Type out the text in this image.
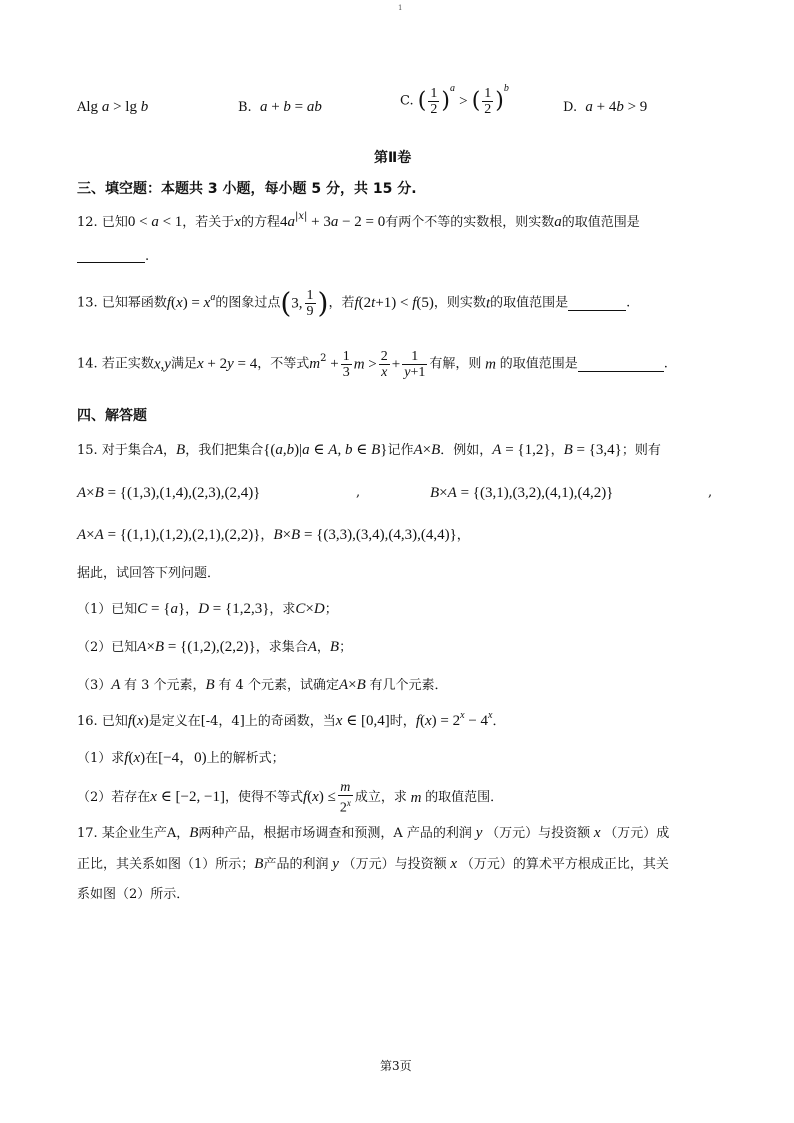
1
Alg a > lg b	B. a + b = ab	C. ( $\frac{1}{2} )^a$ > ( $\frac{1}{2} )^b$
D. a + 4b > 9
第Ⅱ卷
三、填空题：本题共 3 小题，每小题 5 分，共 15 分.
12. 已知0 < a < 1，若关于x的方程$4a^{|x|} + 3a - 2 = 0$有两个不等的实数根，则实数a的取值范围是
.
13. 已知幂函数$f(x) = x^a$的图象过点(3, $\frac{1}{9}$ )，若f(2t+1) < f(5)，则实数t的取值范围是	.
14. 若正实数x,y满足x + 2y = 4，不等式$m^2 + \frac{1}{3}$ $m > \frac{2}{x} + \frac{1}{y+1}$ 有解，则 m 的取值范围是	.
四、解答题
15. 对于集合A，B，我们把集合{(a,b)|a ∈ A, b ∈ B}记作A×B．例如，A = {1,2}，B = {3,4}；则有
A×B = {(1,3),(1,4),(2,3),(2,4)}	,	B×A = {(3,1),(3,2),(4,1),(4,2)}	,
A×A = {(1,1),(1,2),(2,1),(2,2)}，B×B = {(3,3),(3,4),(4,3),(4,4)}，
据此，试回答下列问题．
（1）已知C = {a}，D = {1,2,3}，求C×D；
（2）已知A×B = {(1,2),(2,2)}，求集合A，B；
（3）A 有 3 个元素，B 有 4 个元素，试确定A×B 有几个元素．
16. 已知f(x)是定义在[-4，4]上的奇函数，当x ∈ [0,4]时，$f(x) = 2^x - 4^x$．
（1）求f(x)在[−4，0)上的解析式；
（2）若存在x ∈ [−2, −1]，使得不等式$f(x) \le \frac{m}{2^x}$ 成立，求 m 的取值范围．
17. 某企业生产A，B两种产品，根据市场调查和预测，A 产品的利润 y （万元）与投资额 x （万元）成
正比，其关系如图（1）所示；B产品的利润 y （万元）与投资额 x （万元）的算术平方根成正比，其关
系如图（2）所示．
第3页
